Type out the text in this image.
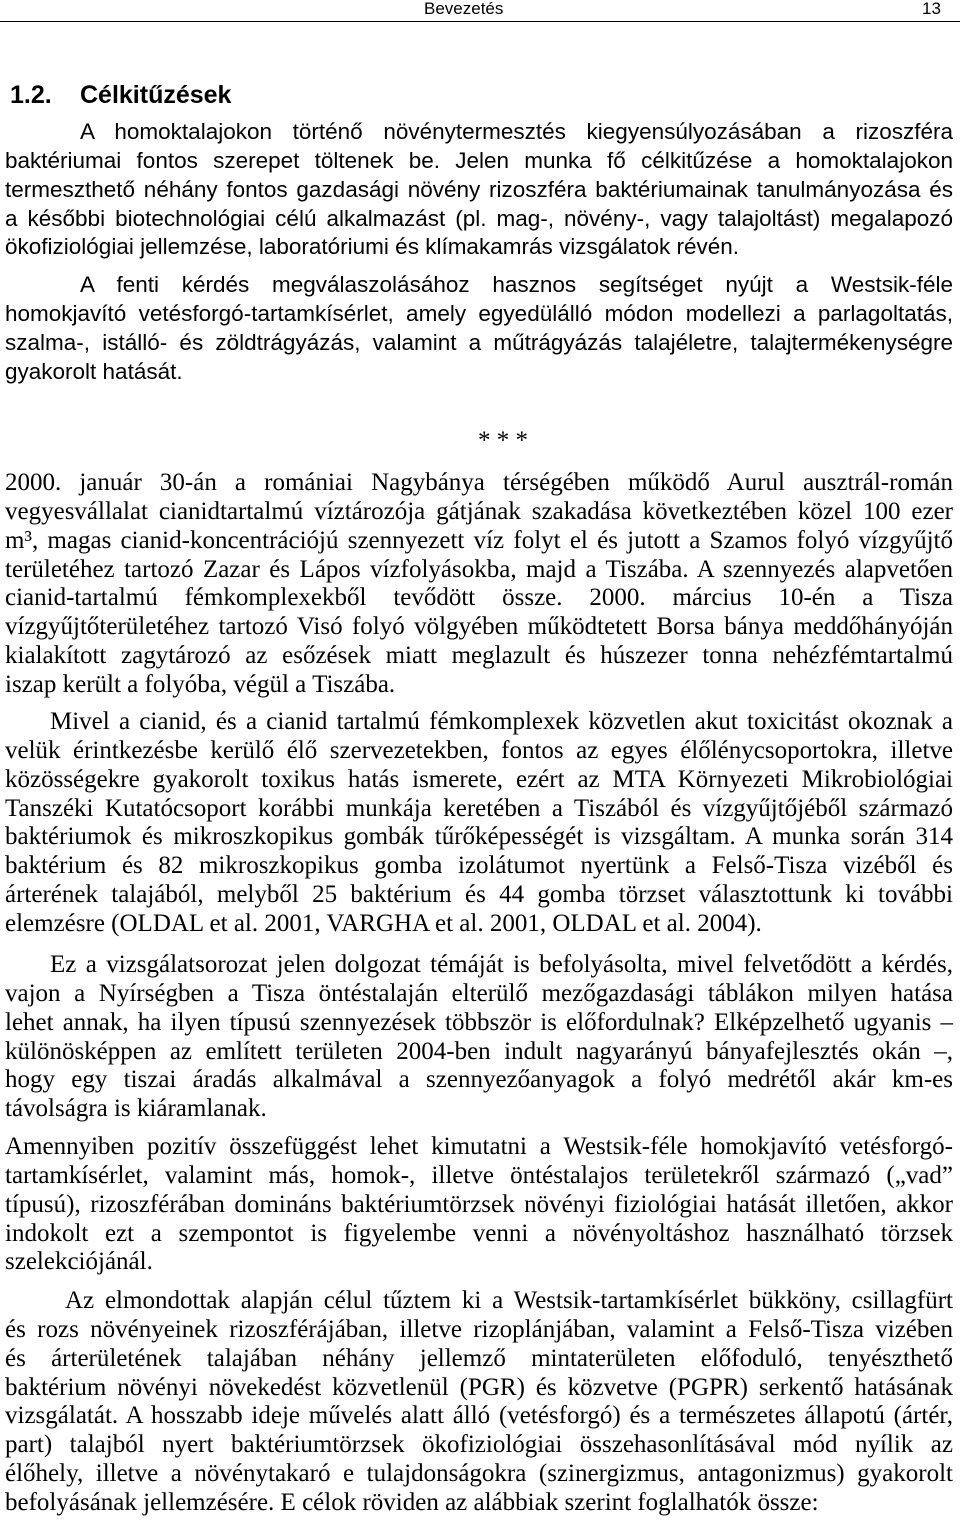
Bevezetés	13
1.2. Célkitűzések
A homoktalajokon történő növénytermesztés kiegyensúlyozásában a rizoszféra
baktériumai fontos szerepet töltenek be. Jelen munka fő célkitűzése a homoktalajokon
termeszthető néhány fontos gazdasági növény rizoszféra baktériumainak tanulmányozása és
a későbbi biotechnológiai célú alkalmazást (pl. mag-, növény-, vagy talajoltást) megalapozó
ökofiziológiai jellemzése, laboratóriumi és klímakamrás vizsgálatok révén.
A fenti kérdés megválaszolásához hasznos segítséget nyújt a Westsik-féle
homokjavító vetésforgó-tartamkísérlet, amely egyedülálló módon modellezi a parlagoltatás,
szalma-, istálló- és zöldtrágyázás, valamint a műtrágyázás talajéletre, talajtermékenységre
gyakorolt hatását.
* * *
2000. január 30-án a romániai Nagybánya térségében működő Aurul ausztrál-román
vegyesvállalat cianidtartalmú víztározója gátjának szakadása következtében közel 100 ezer
m³, magas cianid-koncentrációjú szennyezett víz folyt el és jutott a Szamos folyó vízgyűjtő
területéhez tartozó Zazar és Lápos vízfolyásokba, majd a Tiszába. A szennyezés alapvetően
cianid-tartalmú fémkomplexekből tevődött össze. 2000. március 10-én a Tisza
vízgyűjtőterületéhez tartozó Visó folyó völgyében működtetett Borsa bánya meddőhányóján
kialakított zagytározó az esőzések miatt meglazult és húszezer tonna nehézfémtartalmú
iszap került a folyóba, végül a Tiszába.
Mivel a cianid, és a cianid tartalmú fémkomplexek közvetlen akut toxicitást okoznak a
velük érintkezésbe kerülő élő szervezetekben, fontos az egyes élőlénycsoportokra, illetve
közösségekre gyakorolt toxikus hatás ismerete, ezért az MTA Környezeti Mikrobiológiai
Tanszéki Kutatócsoport korábbi munkája keretében a Tiszából és vízgyűjtőjéből származó
baktériumok és mikroszkopikus gombák tűrőképességét is vizsgáltam. A munka során 314
baktérium és 82 mikroszkopikus gomba izolátumot nyertünk a Felső-Tisza vizéből és
árterének talajából, melyből 25 baktérium és 44 gomba törzset választottunk ki további
elemzésre (OLDAL et al. 2001, VARGHA et al. 2001, OLDAL et al. 2004).
Ez a vizsgálatsorozat jelen dolgozat témáját is befolyásolta, mivel felvetődött a kérdés,
vajon a Nyírségben a Tisza öntéstalaján elterülő mezőgazdasági táblákon milyen hatása
lehet annak, ha ilyen típusú szennyezések többször is előfordulnak? Elképzelhető ugyanis –
különösképpen az említett területen 2004-ben indult nagyarányú bányafejlesztés okán –,
hogy egy tiszai áradás alkalmával a szennyezőanyagok a folyó medrétől akár km-es
távolságra is kiáramlanak.
Amennyiben pozitív összefüggést lehet kimutatni a Westsik-féle homokjavító vetésforgó-
tartamkísérlet, valamint más, homok-, illetve öntéstalajos területekről származó („vad”
típusú), rizoszférában domináns baktériumtörzsek növényi fiziológiai hatását illetően, akkor
indokolt ezt a szempontot is figyelembe venni a növényoltáshoz használható törzsek
szelekciójánál.
Az elmondottak alapján célul tűztem ki a Westsik-tartamkísérlet bükköny, csillagfürt
és rozs növényeinek rizoszférájában, illetve rizoplánjában, valamint a Felső-Tisza vizében
és árterületének talajában néhány jellemző mintaterületen előfoduló, tenyészthető
baktérium növényi növekedést közvetlenül (PGR) és közvetve (PGPR) serkentő hatásának
vizsgálatát. A hosszabb ideje művelés alatt álló (vetésforgó) és a természetes állapotú (ártér,
part) talajból nyert baktériumtörzsek ökofiziológiai összehasonlításával mód nyílik az
élőhely, illetve a növénytakaró e tulajdonságokra (szinergizmus, antagonizmus) gyakorolt
befolyásának jellemzésére. E célok röviden az alábbiak szerint foglalhatók össze:
